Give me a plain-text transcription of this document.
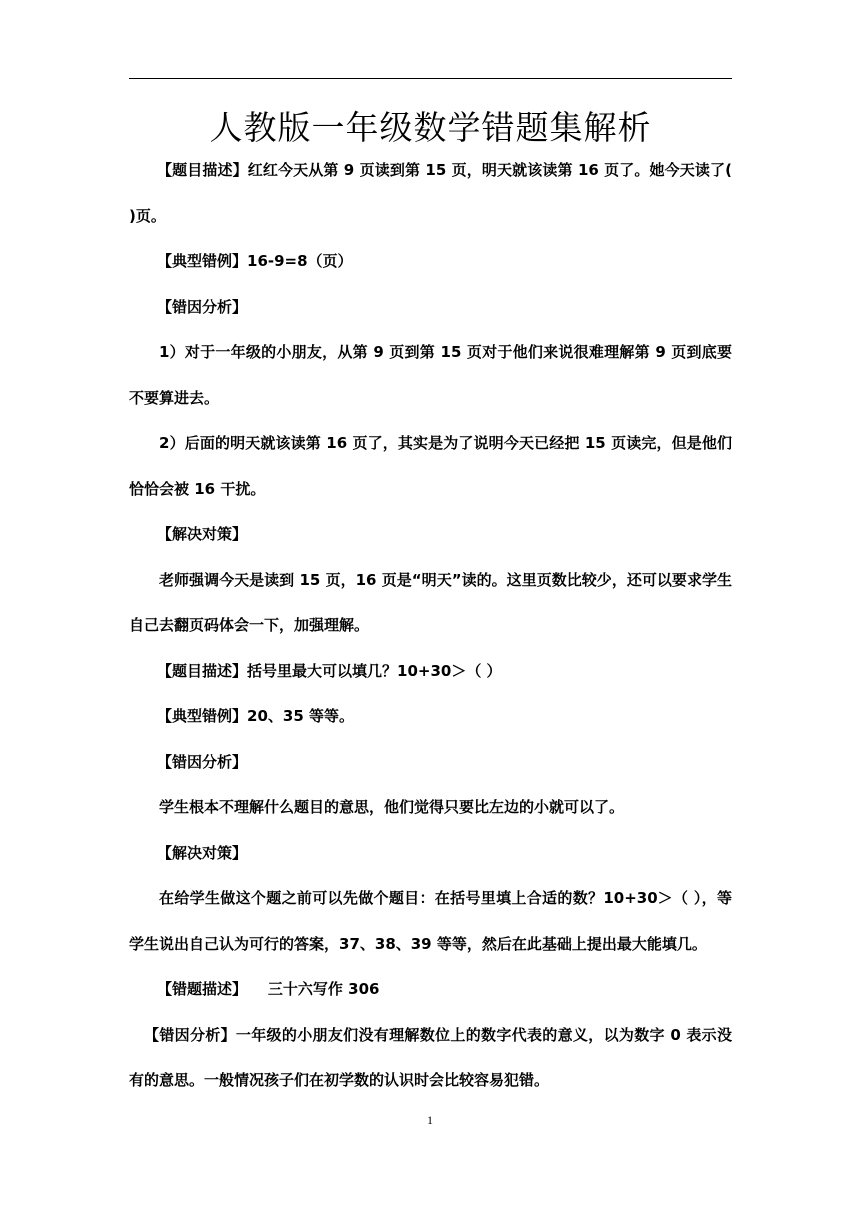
人教版一年级数学错题集解析

【题目描述】红红今天从第 9 页读到第 15 页，明天就该读第 16 页了。她今天读了( )页。

【典型错例】16-9=8（页）

【错因分析】

1）对于一年级的小朋友，从第 9 页到第 15 页对于他们来说很难理解第 9 页到底要不要算进去。

2）后面的明天就该读第 16 页了，其实是为了说明今天已经把 15 页读完，但是他们恰恰会被 16 干扰。

【解决对策】

老师强调今天是读到 15 页，16 页是“明天”读的。这里页数比较少，还可以要求学生自己去翻页码体会一下，加强理解。

【题目描述】括号里最大可以填几？10+30＞（ ）

【典型错例】20、35 等等。

【错因分析】

学生根本不理解什么题目的意思，他们觉得只要比左边的小就可以了。

【解决对策】

在给学生做这个题之前可以先做个题目：在括号里填上合适的数？10+30＞（ ），等学生说出自己认为可行的答案，37、38、39 等等，然后在此基础上提出最大能填几。

【错题描述】    三十六写作 306

【错因分析】一年级的小朋友们没有理解数位上的数字代表的意义，以为数字 0 表示没有的意思。一般情况孩子们在初学数的认识时会比较容易犯错。

1
